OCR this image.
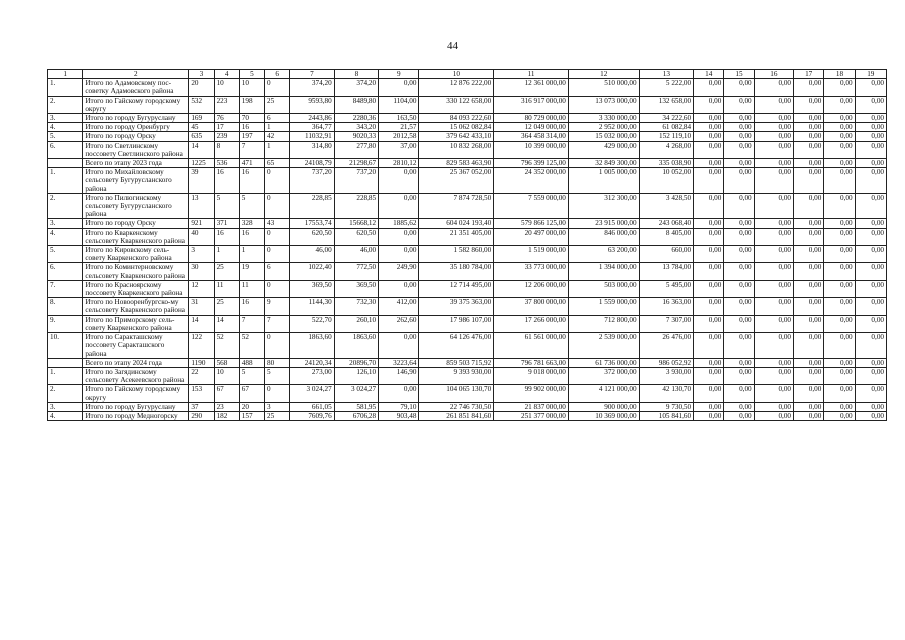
44
1	2	3	4	5	6	7	8	9	10	11	12	13	14	15	16	17	18	19
1.	Итого по Адамовскому пос-советку Адамовского района	20	10	10	0	374,20	374,20	0,00	12 876 222,00	12 361 000,00	510 000,00	5 222,00	0,00	0,00	0,00	0,00	0,00	0,00
2.	Итого по Гайскому городскому округу	532	223	198	25	9593,80	8489,80	1104,00	330 122 658,00	316 917 000,00	13 073 000,00	132 658,00	0,00	0,00	0,00	0,00	0,00	0,00
3.	Итого по городу Бугуруслану	169	76	70	6	2443,86	2280,36	163,50	84 093 222,60	80 729 000,00	3 330 000,00	34 222,60	0,00	0,00	0,00	0,00	0,00	0,00
4.	Итого по городу Оренбургу	45	17	16	1	364,77	343,20	21,57	15 062 082,84	12 049 000,00	2 952 000,00	61 082,84	0,00	0,00	0,00	0,00	0,00	0,00
5.	Итого по городу Орску	635	239	197	42	11032,91	9020,33	2012,58	379 642 433,10	364 458 314,00	15 032 000,00	152 119,10	0,00	0,00	0,00	0,00	0,00	0,00
6.	Итого по Светлинскому поссовету Светлинского района	14	8	7	1	314,80	277,80	37,00	10 832 268,00	10 399 000,00	429 000,00	4 268,00	0,00	0,00	0,00	0,00	0,00	0,00
	Всего по этапу 2023 года	1225	536	471	65	24108,79	21298,67	2810,12	829 583 463,90	796 399 125,00	32 849 300,00	335 038,90	0,00	0,00	0,00	0,00	0,00	0,00
1.	Итого по Михайловскому сельсовету Бугурусланского района	39	16	16	0	737,20	737,20	0,00	25 367 052,00	24 352 000,00	1 005 000,00	10 052,00	0,00	0,00	0,00	0,00	0,00	0,00
2.	Итого по Пилюгинскому сельсовету Бугурусланского района	13	5	5	0	228,85	228,85	0,00	7 874 728,50	7 559 000,00	312 300,00	3 428,50	0,00	0,00	0,00	0,00	0,00	0,00
3.	Итого по городу Орску	921	371	328	43	17553,74	15668,12	1885,62	604 024 193,40	579 866 125,00	23 915 000,00	243 068,40	0,00	0,00	0,00	0,00	0,00	0,00
4.	Итого по Кваркенскому сельсовету Кваркенского района	40	16	16	0	620,50	620,50	0,00	21 351 405,00	20 497 000,00	846 000,00	8 405,00	0,00	0,00	0,00	0,00	0,00	0,00
5.	Итого по Кировскому сель-совету Кваркенского района	3	1	1	0	46,00	46,00	0,00	1 582 860,00	1 519 000,00	63 200,00	660,00	0,00	0,00	0,00	0,00	0,00	0,00
6.	Итого по Коминтерновскому сельсовету Кваркенского района	30	25	19	6	1022,40	772,50	249,90	35 180 784,00	33 773 000,00	1 394 000,00	13 784,00	0,00	0,00	0,00	0,00	0,00	0,00
7.	Итого по Красноярскому поссовету Кваркенского района	12	11	11	0	369,50	369,50	0,00	12 714 495,00	12 206 000,00	503 000,00	5 495,00	0,00	0,00	0,00	0,00	0,00	0,00
8.	Итого по Новооренбургско-му сельсовету Кваркенского района	31	25	16	9	1144,30	732,30	412,00	39 375 363,00	37 800 000,00	1 559 000,00	16 363,00	0,00	0,00	0,00	0,00	0,00	0,00
9.	Итого по Приморскому сель-совету Кваркенского района	14	14	7	7	522,70	260,10	262,60	17 986 107,00	17 266 000,00	712 800,00	7 307,00	0,00	0,00	0,00	0,00	0,00	0,00
10.	Итого по Саракташскому поссовету Саракташского района	122	52	52	0	1863,60	1863,60	0,00	64 126 476,00	61 561 000,00	2 539 000,00	26 476,00	0,00	0,00	0,00	0,00	0,00	0,00
	Всего по этапу 2024 года	1190	568	488	80	24120,34	20896,70	3223,64	859 503 715,92	796 781 663,00	61 736 000,00	986 052,92	0,00	0,00	0,00	0,00	0,00	0,00
1.	Итого по Загядинскому сельсовету Асекеевского района	22	10	5	5	273,00	126,10	146,90	9 393 930,00	9 018 000,00	372 000,00	3 930,00	0,00	0,00	0,00	0,00	0,00	0,00
2.	Итого по Гайскому городскому округу	153	67	67	0	3 024,27	3 024,27	0,00	104 065 130,70	99 902 000,00	4 121 000,00	42 130,70	0,00	0,00	0,00	0,00	0,00	0,00
3.	Итого по городу Бугуруслану	37	23	20	3	661,05	581,95	79,10	22 746 730,50	21 837 000,00	900 000,00	9 730,50	0,00	0,00	0,00	0,00	0,00	0,00
4.	Итого по городу Медногорску	290	182	157	25	7609,76	6706,28	903,48	261 851 841,60	251 377 000,00	10 369 000,00	105 841,60	0,00	0,00	0,00	0,00	0,00	0,00
